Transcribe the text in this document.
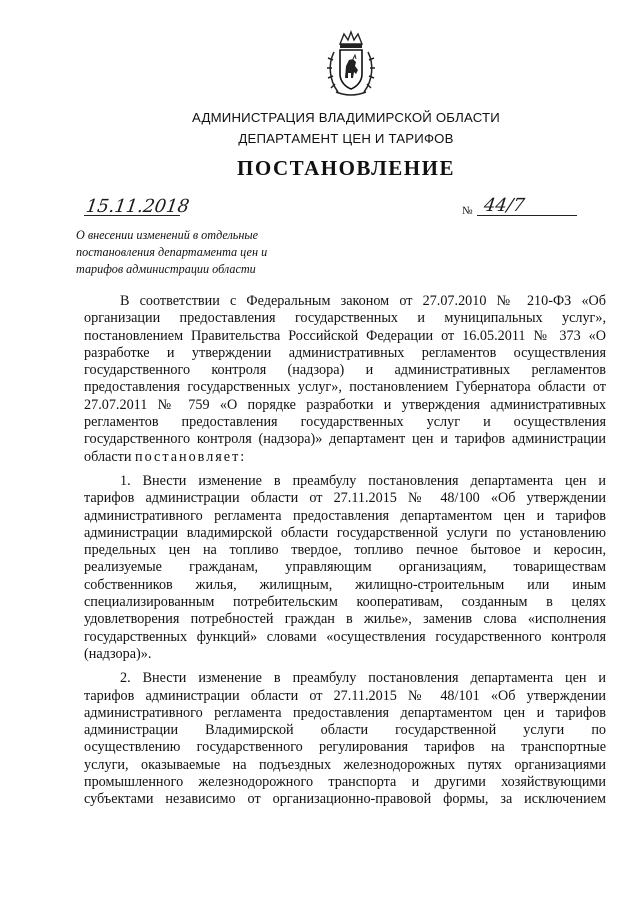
АДМИНИСТРАЦИЯ ВЛАДИМИРСКОЙ ОБЛАСТИ
ДЕПАРТАМЕНТ ЦЕН И ТАРИФОВ
ПОСТАНОВЛЕНИЕ
15.11.2018	№ 44/7
О внесении изменений в отдельные
постановления департамента цен и
тарифов администрации области

В соответствии с Федеральным законом от 27.07.2010 № 210-ФЗ «Об
организации предоставления государственных и муниципальных услуг»,
постановлением Правительства Российской Федерации от 16.05.2011 № 373 «О
разработке и утверждении административных регламентов осуществления
государственного контроля (надзора) и административных регламентов
предоставления государственных услуг», постановлением Губернатора области от
27.07.2011 № 759 «О порядке разработки и утверждения административных
регламентов предоставления государственных услуг и осуществления
государственного контроля (надзора)» департамент цен и тарифов администрации
области постановляет:

1. Внести изменение в преамбулу постановления департамента цен и
тарифов администрации области от 27.11.2015 № 48/100 «Об утверждении
административного регламента предоставления департаментом цен и тарифов
администрации владимирской области государственной услуги по установлению
предельных цен на топливо твердое, топливо печное бытовое и керосин,
реализуемые гражданам, управляющим организациям, товариществам
собственников жилья, жилищным, жилищно-строительным или иным
специализированным потребительским кооперативам, созданным в целях
удовлетворения потребностей граждан в жилье», заменив слова «исполнения
государственных функций» словами «осуществления государственного контроля
(надзора)».

2. Внести изменение в преамбулу постановления департамента цен и
тарифов администрации области от 27.11.2015 № 48/101 «Об утверждении
административного регламента предоставления департаментом цен и тарифов
администрации Владимирской области государственной услуги по
осуществлению государственного регулирования тарифов на транспортные
услуги, оказываемые на подъездных железнодорожных путях организациями
промышленного железнодорожного транспорта и другими хозяйствующими
субъектами независимо от организационно-правовой формы, за исключением
